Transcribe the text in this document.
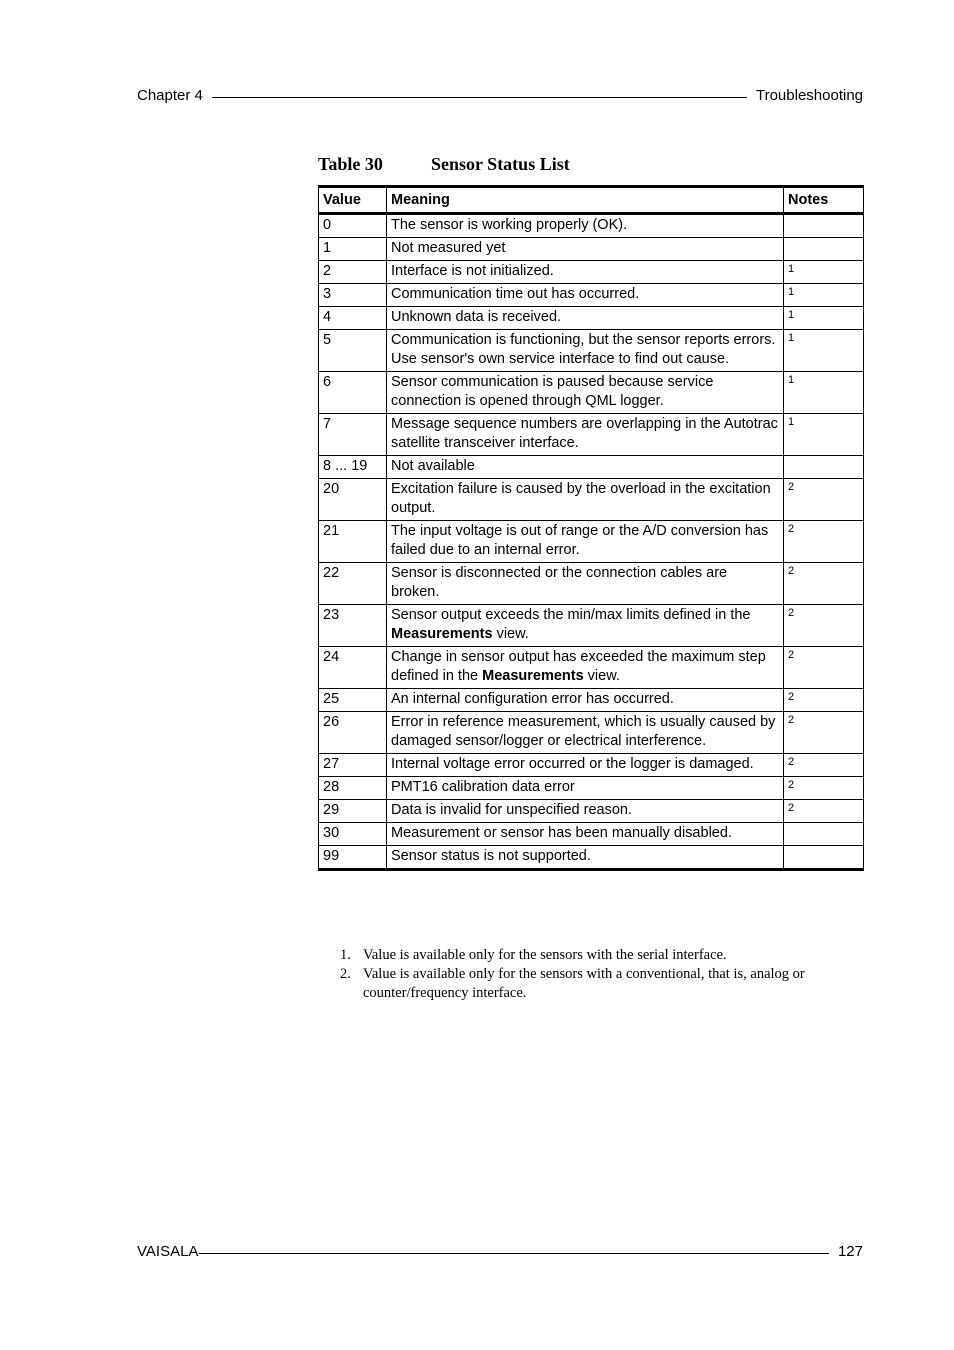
Chapter 4	Troubleshooting
Table 30	Sensor Status List
Value	Meaning	Notes
0	The sensor is working properly (OK).	
1	Not measured yet	
2	Interface is not initialized.	1
3	Communication time out has occurred.	1
4	Unknown data is received.	1
5	Communication is functioning, but the sensor reports errors. Use sensor's own service interface to find out cause.	1
6	Sensor communication is paused because service connection is opened through QML logger.	1
7	Message sequence numbers are overlapping in the Autotrac satellite transceiver interface.	1
8 ... 19	Not available	
20	Excitation failure is caused by the overload in the excitation output.	2
21	The input voltage is out of range or the A/D conversion has failed due to an internal error.	2
22	Sensor is disconnected or the connection cables are broken.	2
23	Sensor output exceeds the min/max limits defined in the Measurements view.	2
24	Change in sensor output has exceeded the maximum step defined in the Measurements view.	2
25	An internal configuration error has occurred.	2
26	Error in reference measurement, which is usually caused by damaged sensor/logger or electrical interference.	2
27	Internal voltage error occurred or the logger is damaged.	2
28	PMT16 calibration data error	2
29	Data is invalid for unspecified reason.	2
30	Measurement or sensor has been manually disabled.	
99	Sensor status is not supported.	
1. Value is available only for the sensors with the serial interface.
2. Value is available only for the sensors with a conventional, that is, analog or counter/frequency interface.
VAISALA	127
